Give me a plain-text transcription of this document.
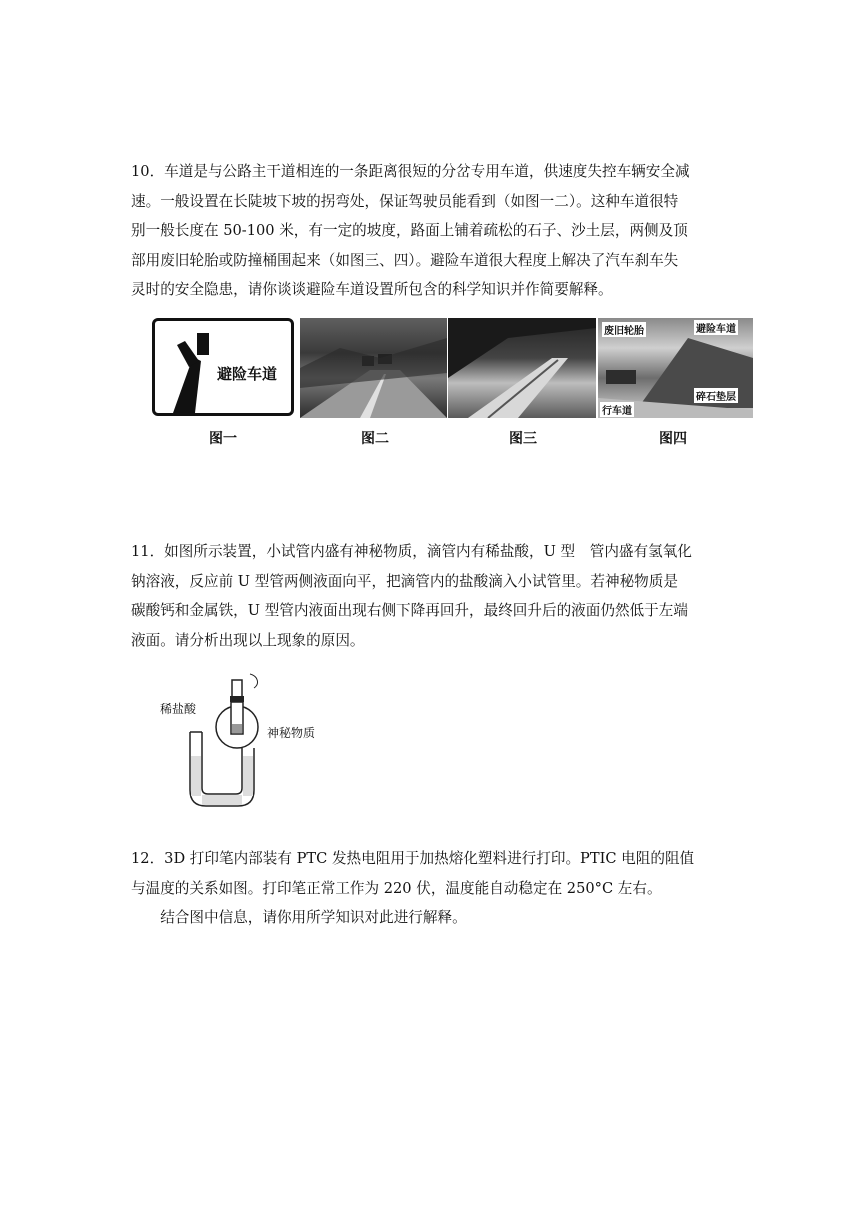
10．车道是与公路主干道相连的一条距离很短的分岔专用车道，供速度失控车辆安全减
速。一般设置在长陡坡下坡的拐弯处，保证驾驶员能看到（如图一二）。这种车道很特
别一般长度在 50-100 米，有一定的坡度，路面上铺着疏松的石子、沙土层，两侧及顶
部用废旧轮胎或防撞桶围起来（如图三、四）。避险车道很大程度上解决了汽车刹车失
灵时的安全隐患，请你谈谈避险车道设置所包含的科学知识并作简要解释。
避险车道
废旧轮胎	避险车道
碎石垫层
行车道
图一	图二	图三	图四
11．如图所示装置，小试管内盛有神秘物质，滴管内有稀盐酸，U 型　管内盛有氢氧化
钠溶液，反应前 U 型管两侧液面向平，把滴管内的盐酸滴入小试管里。若神秘物质是
碳酸钙和金属铁，U 型管内液面出现右侧下降再回升，最终回升后的液面仍然低于左端
液面。请分析出现以上现象的原因。
稀盐酸
神秘物质
12．3D 打印笔内部装有 PTC 发热电阻用于加热熔化塑料进行打印。PTIC 电阻的阻值
与温度的关系如图。打印笔正常工作为 220 伏，温度能自动稳定在 250°C 左右。
结合图中信息，请你用所学知识对此进行解释。
